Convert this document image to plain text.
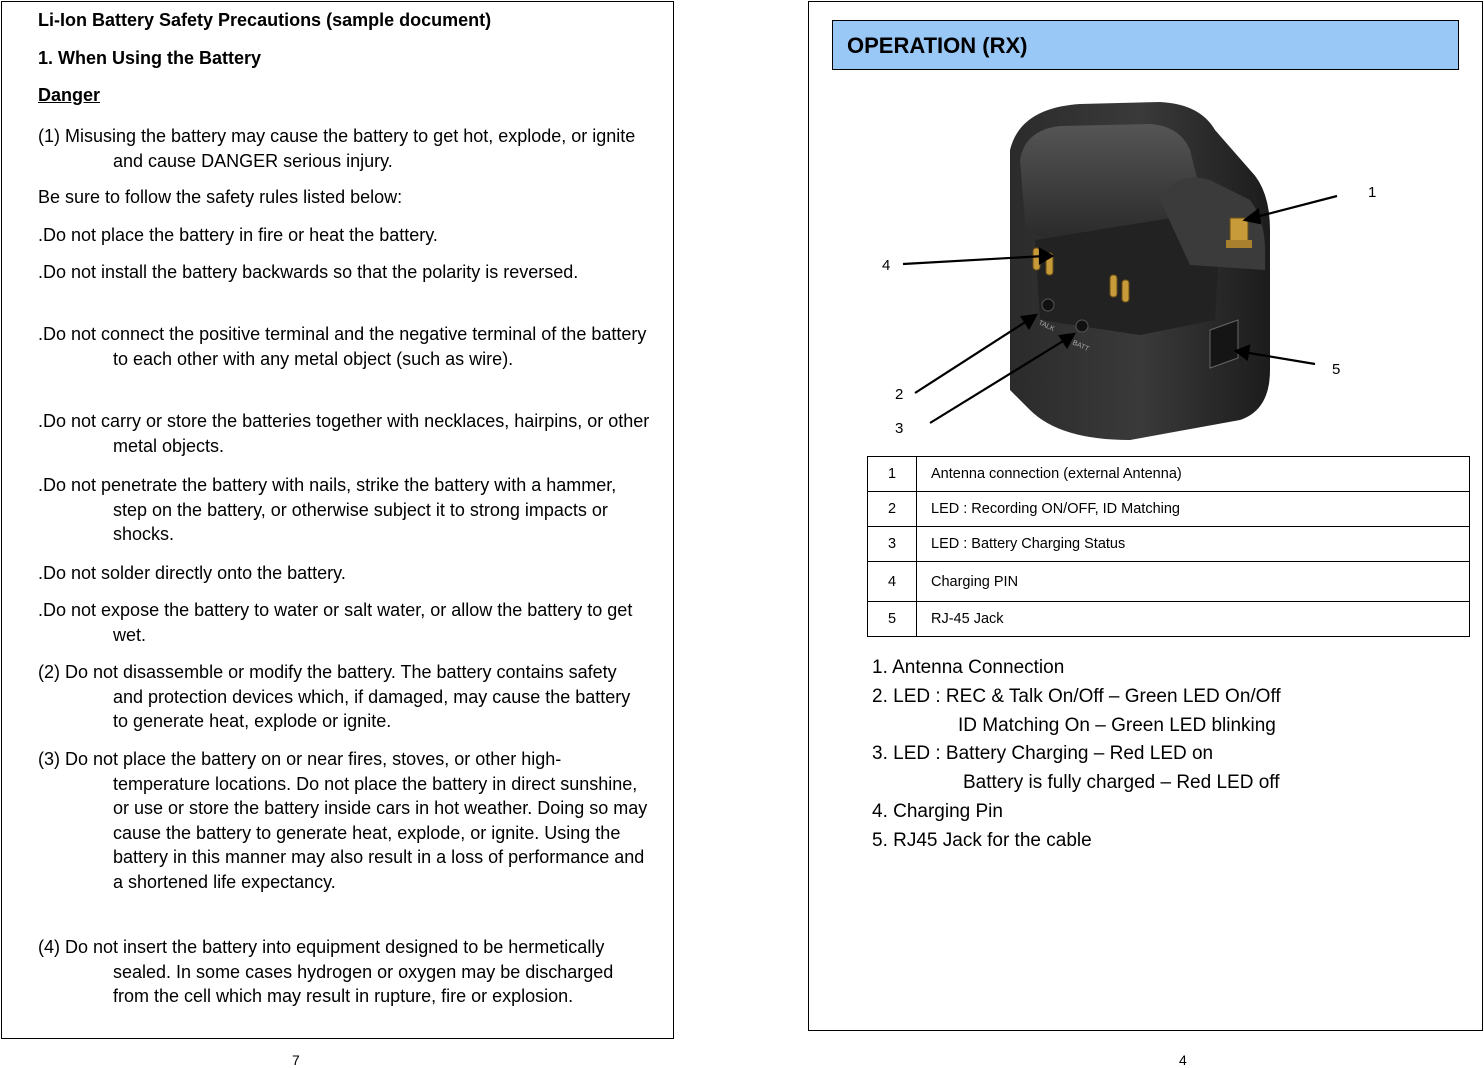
Li-Ion Battery Safety Precautions (sample document)
1. When Using the Battery
Danger
(1) Misusing the battery may cause the battery to get hot, explode, or ignite and cause DANGER serious injury.
Be sure to follow the safety rules listed below:
.Do not place the battery in fire or heat the battery.
.Do not install the battery backwards so that the polarity is reversed.
.Do not connect the positive terminal and the negative terminal of the battery to each other with any metal object (such as wire).
.Do not carry or store the batteries together with necklaces, hairpins, or other metal objects.
.Do not penetrate the battery with nails, strike the battery with a hammer, step on the battery, or otherwise subject it to strong impacts or shocks.
.Do not solder directly onto the battery.
.Do not expose the battery to water or salt water, or allow the battery to get wet.
(2) Do not disassemble or modify the battery. The battery contains safety and protection devices which, if damaged, may cause the battery to generate heat, explode or ignite.
(3) Do not place the battery on or near fires, stoves, or other high-temperature locations. Do not place the battery in direct sunshine, or use or store the battery inside cars in hot weather. Doing so may cause the battery to generate heat, explode, or ignite. Using the battery in this manner may also result in a loss of performance and a shortened life expectancy.
(4) Do not insert the battery into equipment designed to be hermetically sealed. In some cases hydrogen or oxygen may be discharged from the cell which may result in rupture, fire or explosion.
7
OPERATION (RX)
TALK
BATT
1
2
3
4
5
1	Antenna connection (external Antenna)
2	LED : Recording ON/OFF, ID Matching
3	LED : Battery Charging Status
4	Charging PIN
5	RJ-45 Jack
1. Antenna Connection
2. LED : REC & Talk On/Off – Green LED On/Off
ID Matching On – Green LED blinking
3. LED : Battery Charging – Red LED on
Battery is fully charged – Red LED off
4. Charging Pin
5. RJ45 Jack for the cable
4
